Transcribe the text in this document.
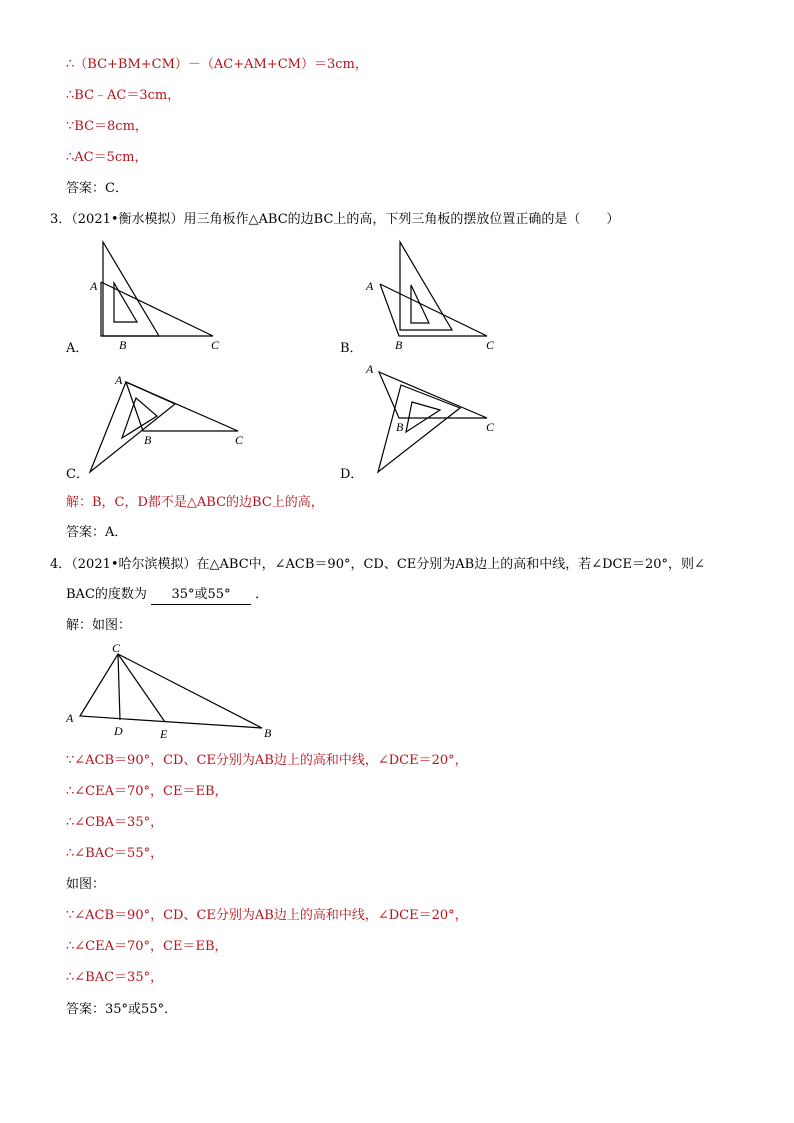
∴（BC+BM+CM）－（AC+AM+CM）＝3cm，
∴BC﹣AC＝3cm，
∵BC＝8cm，
∴AC＝5cm，
答案：C．
3．（2021•衡水模拟）用三角板作△ABC的边BC上的高，下列三角板的摆放位置正确的是（　　）
A
B	C
A
B	C
A
B	C
A
B	C
A．	B．
C．	D．
解：B，C，D都不是△ABC的边BC上的高，
答案：A．
4．（2021•哈尔滨模拟）在△ABC中，∠ACB＝90°，CD、CE分别为AB边上的高和中线，若∠DCE＝20°，则∠
BAC的度数为 35°或55° ．
解：如图：
C
A
D	E	B
∵∠ACB＝90°，CD、CE分别为AB边上的高和中线，∠DCE＝20°，
∴∠CEA＝70°，CE＝EB，
∴∠CBA＝35°，
∴∠BAC＝55°，
如图：
∵∠ACB＝90°，CD、CE分别为AB边上的高和中线，∠DCE＝20°，
∴∠CEA＝70°，CE＝EB，
∴∠BAC＝35°，
答案：35°或55°．
